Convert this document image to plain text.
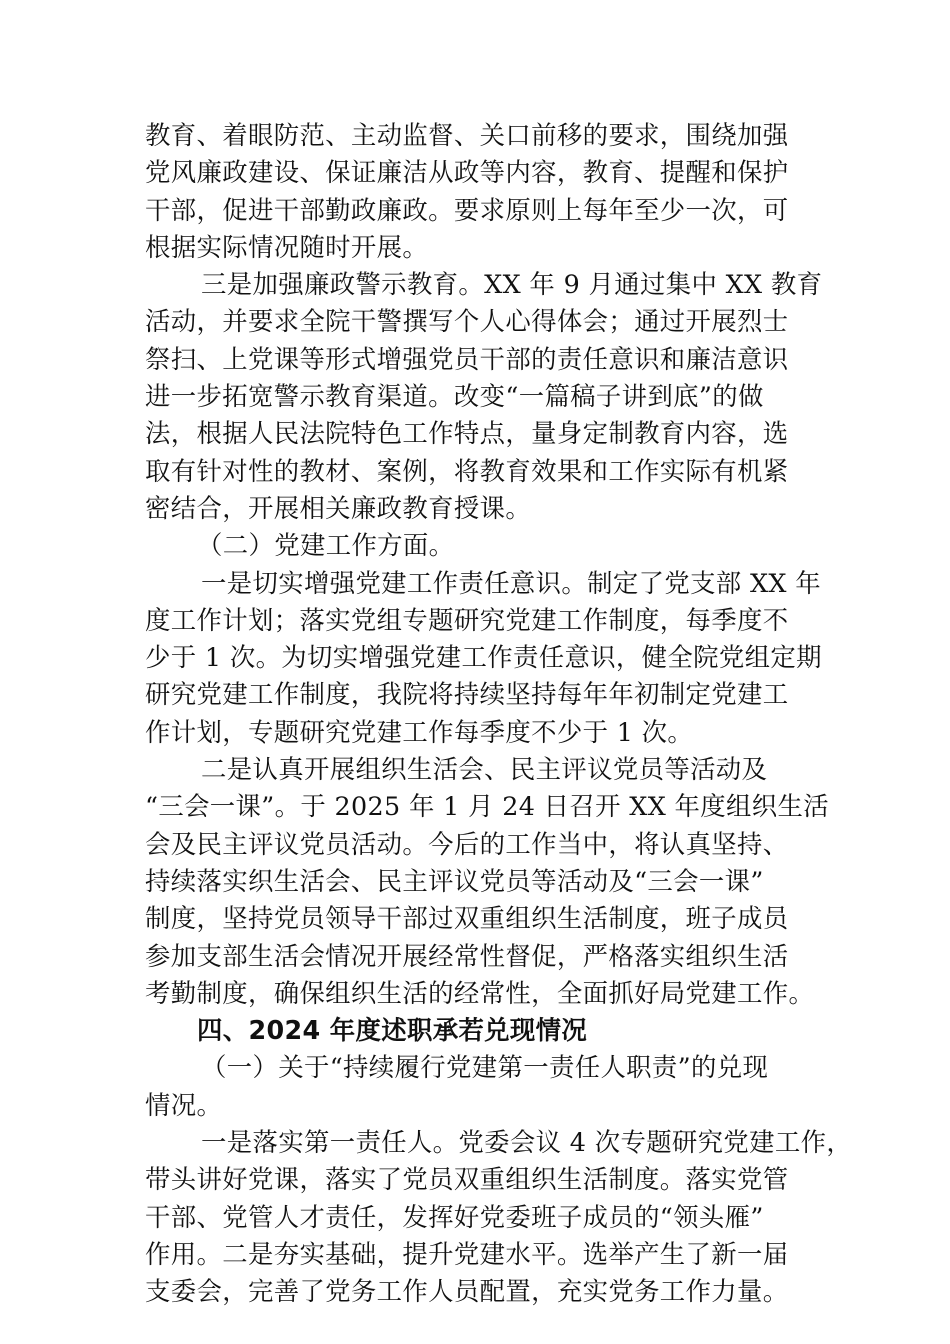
教育、着眼防范、主动监督、关口前移的要求，围绕加强
党风廉政建设、保证廉洁从政等内容，教育、提醒和保护
干部，促进干部勤政廉政。要求原则上每年至少一次，可
根据实际情况随时开展。

三是加强廉政警示教育。XX 年 9 月通过集中 XX 教育
活动，并要求全院干警撰写个人心得体会；通过开展烈士
祭扫、上党课等形式增强党员干部的责任意识和廉洁意识
进一步拓宽警示教育渠道。改变“一篇稿子讲到底”的做
法，根据人民法院特色工作特点，量身定制教育内容，选
取有针对性的教材、案例，将教育效果和工作实际有机紧
密结合，开展相关廉政教育授课。

（二）党建工作方面。

一是切实增强党建工作责任意识。制定了党支部 XX 年
度工作计划；落实党组专题研究党建工作制度，每季度不
少于 1 次。为切实增强党建工作责任意识，健全院党组定期
研究党建工作制度，我院将持续坚持每年年初制定党建工
作计划，专题研究党建工作每季度不少于 1 次。

二是认真开展组织生活会、民主评议党员等活动及
“三会一课”。于 2025 年 1 月 24 日召开 XX 年度组织生活
会及民主评议党员活动。今后的工作当中，将认真坚持、
持续落实织生活会、民主评议党员等活动及“三会一课”
制度，坚持党员领导干部过双重组织生活制度，班子成员
参加支部生活会情况开展经常性督促，严格落实组织生活
考勤制度，确保组织生活的经常性，全面抓好局党建工作。

四、2024 年度述职承若兑现情况

（一）关于“持续履行党建第一责任人职责”的兑现
情况。

一是落实第一责任人。党委会议 4 次专题研究党建工作，
带头讲好党课，落实了党员双重组织生活制度。落实党管
干部、党管人才责任，发挥好党委班子成员的“领头雁”
作用。二是夯实基础，提升党建水平。选举产生了新一届
支委会，完善了党务工作人员配置，充实党务工作力量。
